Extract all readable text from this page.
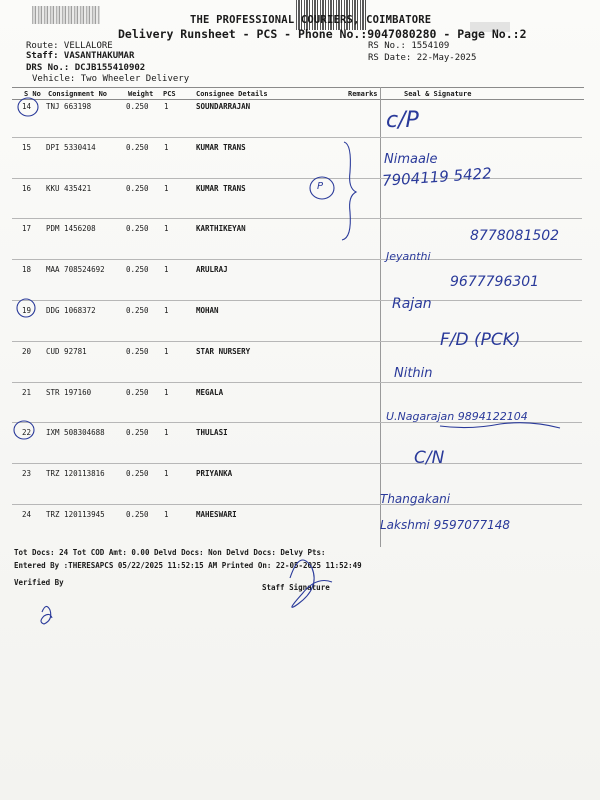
THE PROFESSIONAL COURIERS, COIMBATORE
Delivery Runsheet - PCS - Phone No.:9047080280 - Page No.:2
Route: VELLALORE
Staff: VASANTHAKUMAR
DRS No.: DCJB155410902
Vehicle: Two Wheeler Delivery
RS No.: 1554109
RS Date: 22-May-2025
S No Consignment No	Weight PCS	Consignee Details	Remarks	Seal & Signature
14 TNJ 663198	0.250 1	SOUNDARRAJAN
15 DPI 5330414	0.250 1	KUMAR TRANS
16 KKU 435421	0.250 1	KUMAR TRANS
17 PDM 1456208	0.250 1	KARTHIKEYAN
18 MAA 708524692	0.250 1	ARULRAJ
19 DDG 1068372	0.250 1	MOHAN
20 CUD 92781	0.250 1	STAR NURSERY
21 STR 197160	0.250 1	MEGALA
22 IXM 508304688	0.250 1	THULASI
23 TRZ 120113816	0.250 1	PRIYANKA
24 TRZ 120113945	0.250 1	MAHESWARI
Tot Docs: 24 Tot COD Amt: 0.00 Delvd Docs: Non Delvd Docs: Delvy Pts:
Entered By :THERESAPCS 05/22/2025 11:52:15 AM Printed On: 22-05-2025 11:52:49
Verified By
Staff Signature
c/P
Nimaale
7904119 5422
P
8778081502
Jeyanthi
9677796301
Rajan
F/D (PCK)
Nithin
U.Nagarajan 9894122104
C/N
Thangakani
Lakshmi 9597077148
